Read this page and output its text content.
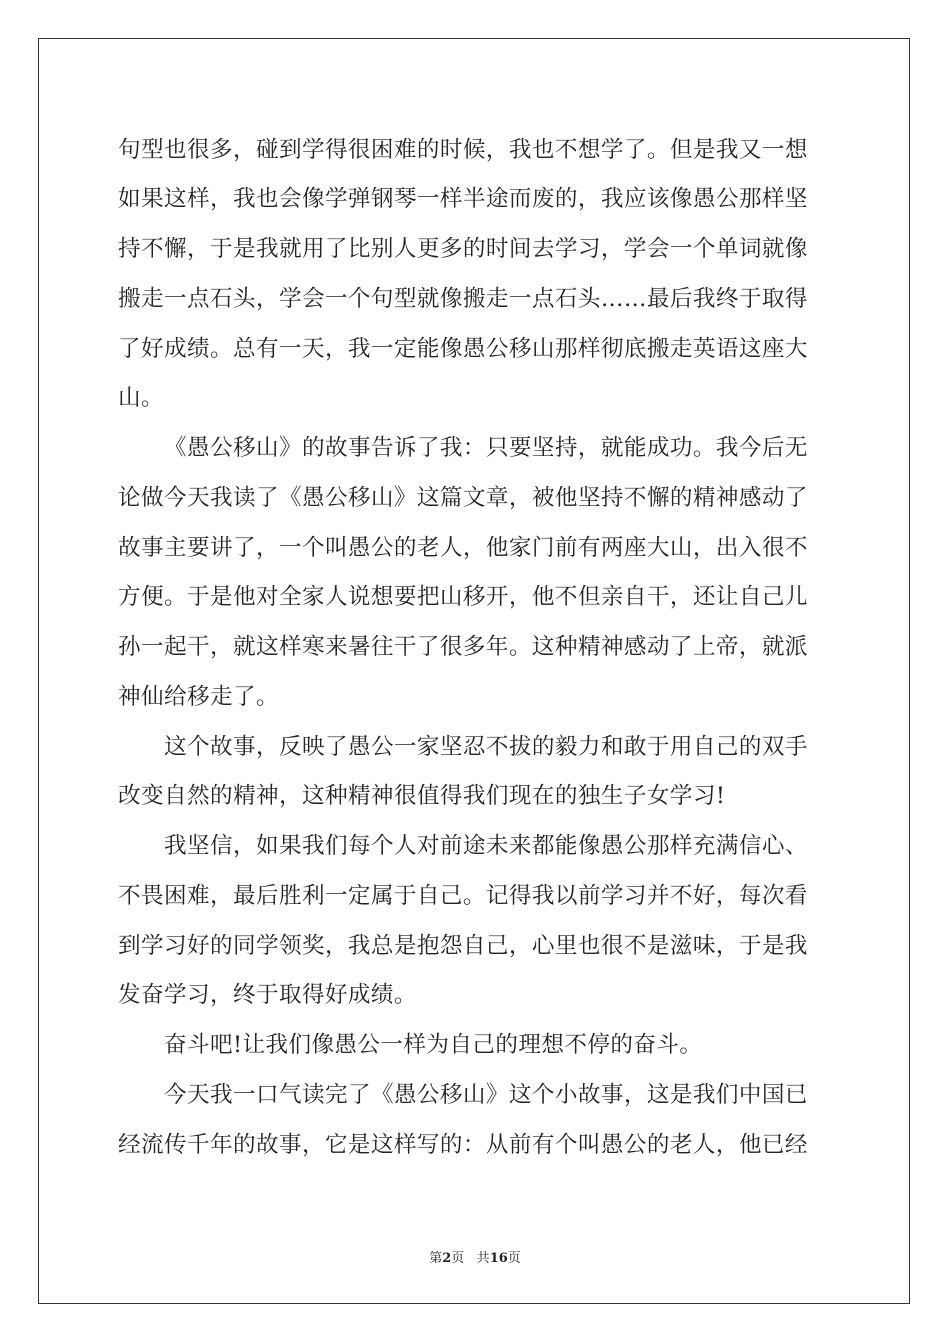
句型也很多，碰到学得很困难的时候，我也不想学了。但是我又一想
如果这样，我也会像学弹钢琴一样半途而废的，我应该像愚公那样坚
持不懈，于是我就用了比别人更多的时间去学习，学会一个单词就像
搬走一点石头，学会一个句型就像搬走一点石头……最后我终于取得
了好成绩。总有一天，我一定能像愚公移山那样彻底搬走英语这座大
山。
《愚公移山》的故事告诉了我：只要坚持，就能成功。我今后无
论做今天我读了《愚公移山》这篇文章，被他坚持不懈的精神感动了
故事主要讲了，一个叫愚公的老人，他家门前有两座大山，出入很不
方便。于是他对全家人说想要把山移开，他不但亲自干，还让自己儿
孙一起干，就这样寒来暑往干了很多年。这种精神感动了上帝，就派
神仙给移走了。
这个故事，反映了愚公一家坚忍不拔的毅力和敢于用自己的双手
改变自然的精神，这种精神很值得我们现在的独生子女学习!
我坚信，如果我们每个人对前途未来都能像愚公那样充满信心、
不畏困难，最后胜利一定属于自己。记得我以前学习并不好，每次看
到学习好的同学领奖，我总是抱怨自己，心里也很不是滋味，于是我
发奋学习，终于取得好成绩。
奋斗吧!让我们像愚公一样为自己的理想不停的奋斗。
今天我一口气读完了《愚公移山》这个小故事，这是我们中国已
经流传千年的故事，它是这样写的：从前有个叫愚公的老人，他已经
第2页 共16页
